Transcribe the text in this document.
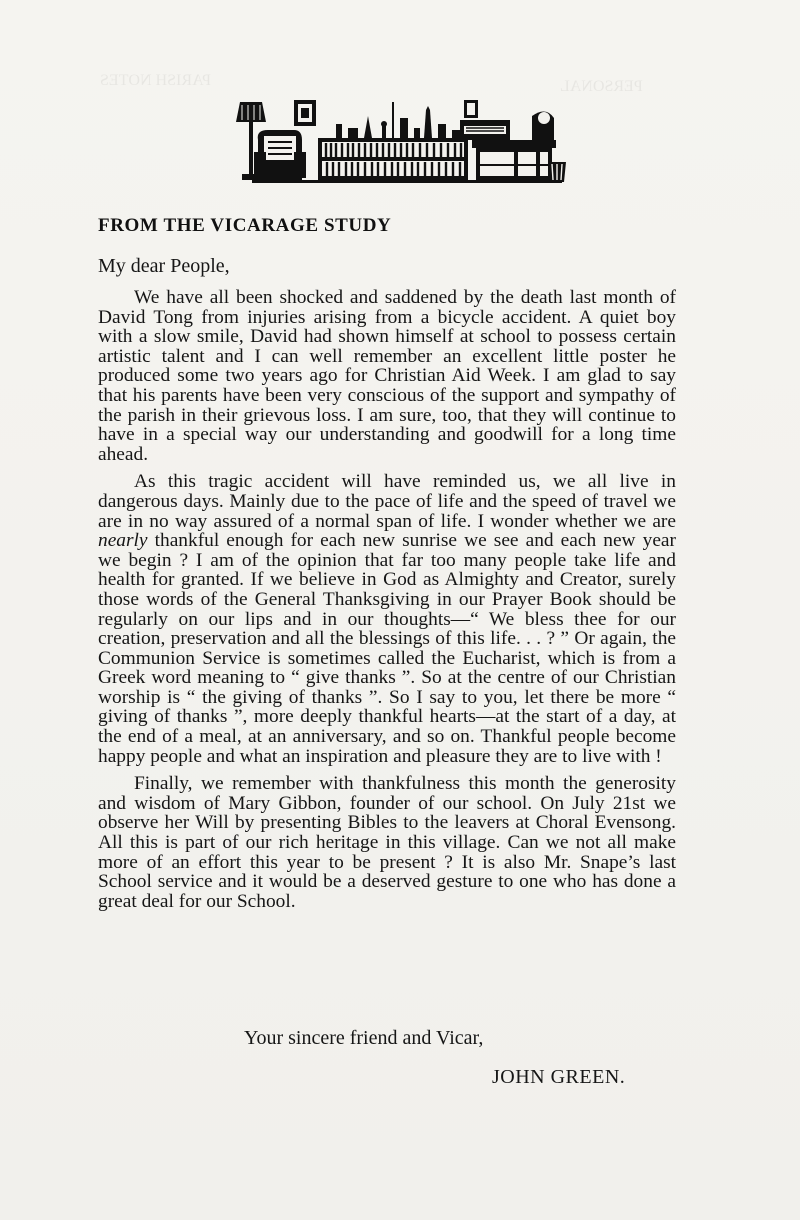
PERSONAL
PARISH NOTES
FROM THE VICARAGE STUDY
My dear People,

We have all been shocked and saddened by the death last month of David Tong from injuries arising from a bicycle accident. A quiet boy with a slow smile, David had shown himself at school to possess certain artistic talent and I can well remember an excellent little poster he produced some two years ago for Christian Aid Week. I am glad to say that his parents have been very conscious of the support and sympathy of the parish in their grievous loss. I am sure, too, that they will continue to have in a special way our understanding and goodwill for a long time ahead.

As this tragic accident will have reminded us, we all live in dangerous days. Mainly due to the pace of life and the speed of travel we are in no way assured of a normal span of life. I wonder whether we are nearly thankful enough for each new sunrise we see and each new year we begin ? I am of the opinion that far too many people take life and health for granted. If we believe in God as Almighty and Creator, surely those words of the General Thanksgiving in our Prayer Book should be regularly on our lips and in our thoughts—“ We bless thee for our creation, preservation and all the blessings of this life. . . ? ” Or again, the Communion Service is sometimes called the Eucharist, which is from a Greek word meaning to “ give thanks ”. So at the centre of our Christian worship is “ the giving of thanks ”. So I say to you, let there be more “ giving of thanks ”, more deeply thankful hearts—at the start of a day, at the end of a meal, at an anniversary, and so on. Thankful people become happy people and what an inspiration and pleasure they are to live with !

Finally, we remember with thankfulness this month the generosity and wisdom of Mary Gibbon, founder of our school. On July 21st we observe her Will by presenting Bibles to the leavers at Choral Evensong. All this is part of our rich heritage in this village. Can we not all make more of an effort this year to be present ? It is also Mr. Snape’s last School service and it would be a deserved gesture to one who has done a great deal for our School.

Your sincere friend and Vicar,
JOHN GREEN.
